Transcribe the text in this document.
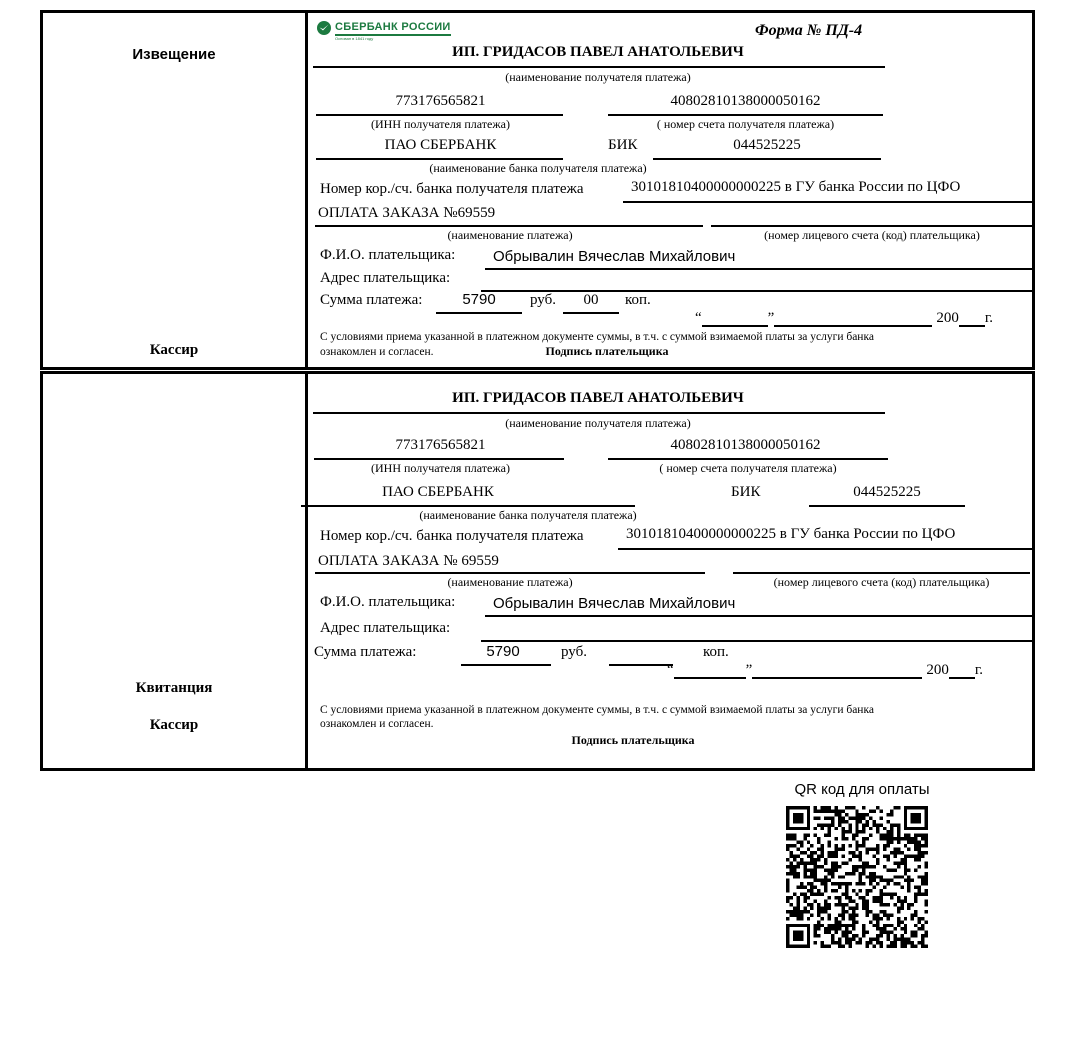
Извещение
Кассир
СБЕРБАНК РОССИИ
Основан в 1841 году	Форма № ПД-4
ИП. ГРИДАСОВ ПАВЕЛ АНАТОЛЬЕВИЧ
(наименование получателя платежа)
773176565821	40802810138000050162
(ИНН получателя платежа)	( номер счета получателя платежа)
ПАО СБЕРБАНК	БИК	044525225
(наименование банка получателя платежа)
Номер кор./сч. банка получателя платежа	30101810400000000225 в ГУ банка России по ЦФО
ОПЛАТА ЗАКАЗА №69559
(наименование платежа)	(номер лицевого счета (код) плательщика)
Ф.И.О. плательщика:	Обрывалин Вячеслав Михайлович
Адрес плательщика:
Сумма платежа:	5790	руб.	00	коп.
“	”	200 г.
С условиями приема указанной в платежном документе суммы, в т.ч. с суммой взимаемой платы за услуги банка
ознакомлен и согласен.	Подпись плательщика
Квитанция
Кассир
ИП. ГРИДАСОВ ПАВЕЛ АНАТОЛЬЕВИЧ
(наименование получателя платежа)
773176565821	40802810138000050162
(ИНН получателя платежа)	( номер счета получателя платежа)
ПАО СБЕРБАНК	БИК	044525225
(наименование банка получателя платежа)
Номер кор./сч. банка получателя платежа	30101810400000000225 в ГУ банка России по ЦФО
ОПЛАТА ЗАКАЗА № 69559
(наименование платежа)	(номер лицевого счета (код) плательщика)
Ф.И.О. плательщика:	Обрывалин Вячеслав Михайлович
Адрес плательщика:
Сумма платежа:	5790	руб.	коп.
“	”	200 г.
С условиями приема указанной в платежном документе суммы, в т.ч. с суммой взимаемой платы за услуги банка
ознакомлен и согласен.
Подпись плательщика
QR код для оплаты
